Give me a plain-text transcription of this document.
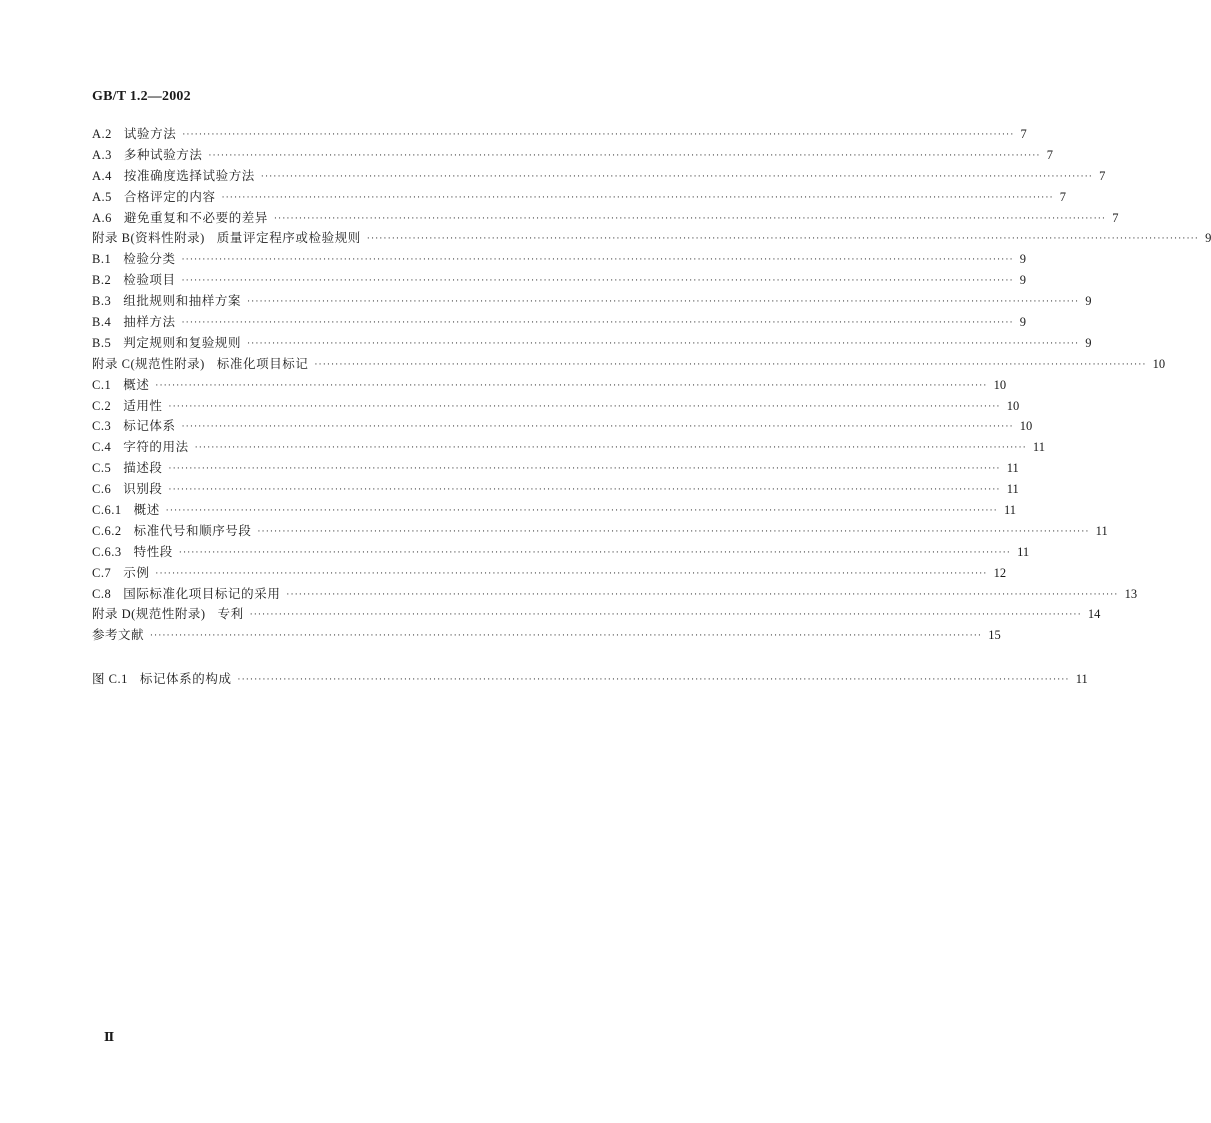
GB/T 1.2—2002
A.2 试验方法 ········································································································································································································ 7
A.3 多种试验方法 ········································································································································································································ 7
A.4 按准确度选择试验方法 ········································································································································································································ 7
A.5 合格评定的内容 ········································································································································································································ 7
A.6 避免重复和不必要的差异 ········································································································································································································ 7
附录 B(资料性附录) 质量评定程序或检验规则 ········································································································································································································ 9
B.1 检验分类 ········································································································································································································ 9
B.2 检验项目 ········································································································································································································ 9
B.3 组批规则和抽样方案 ········································································································································································································ 9
B.4 抽样方法 ········································································································································································································ 9
B.5 判定规则和复验规则 ········································································································································································································ 9
附录 C(规范性附录) 标准化项目标记 ········································································································································································································ 10
C.1 概述 ········································································································································································································ 10
C.2 适用性 ········································································································································································································ 10
C.3 标记体系 ········································································································································································································ 10
C.4 字符的用法 ········································································································································································································ 11
C.5 描述段 ········································································································································································································ 11
C.6 识别段 ········································································································································································································ 11
C.6.1 概述 ········································································································································································································ 11
C.6.2 标准代号和顺序号段 ········································································································································································································ 11
C.6.3 特性段 ········································································································································································································ 11
C.7 示例 ········································································································································································································ 12
C.8 国际标准化项目标记的采用 ········································································································································································································ 13
附录 D(规范性附录) 专利 ········································································································································································································ 14
参考文献 ········································································································································································································ 15
图 C.1 标记体系的构成 ········································································································································································································ 11
Ⅱ
